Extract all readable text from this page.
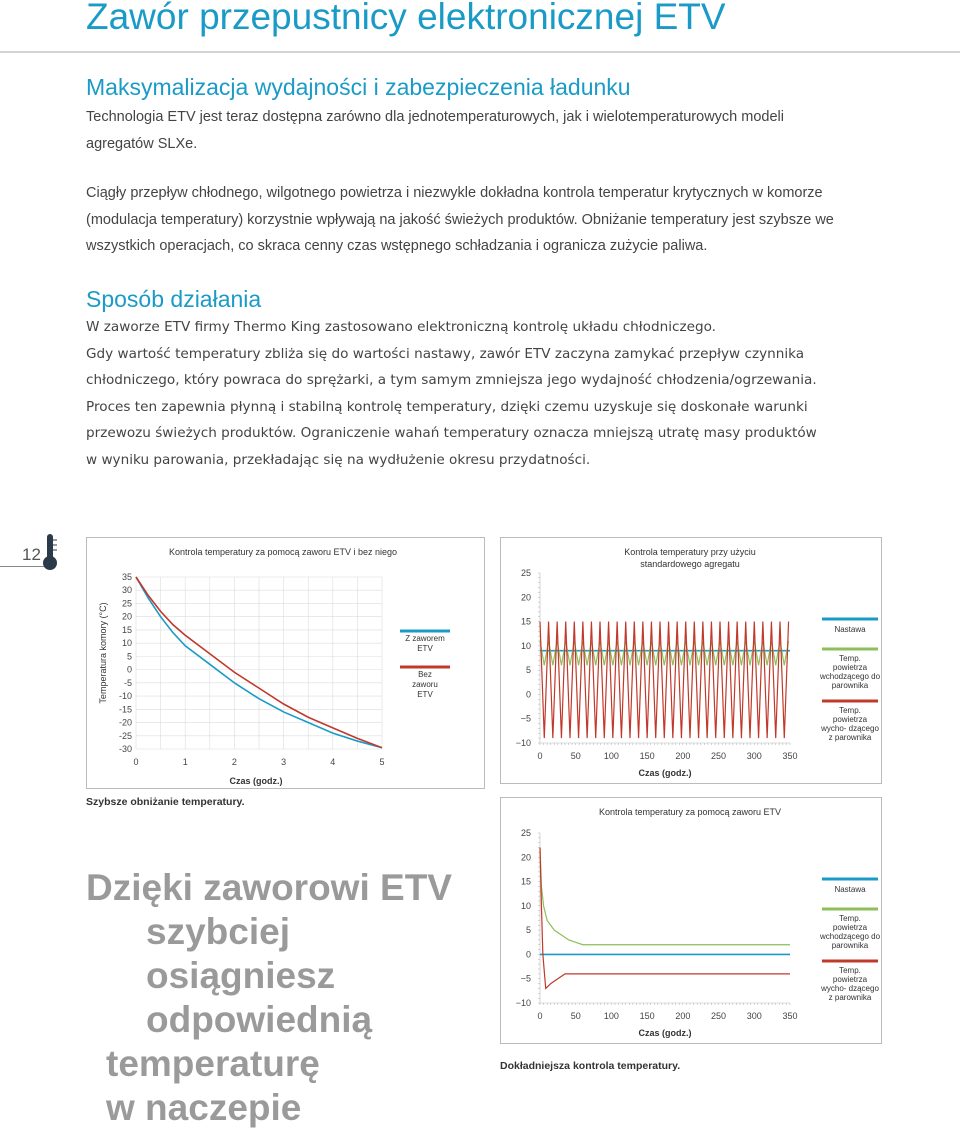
Zawór przepustnicy elektronicznej ETV
Maksymalizacja wydajności i zabezpieczenia ładunku
Technologia ETV jest teraz dostępna zarówno dla jednotemperaturowych, jak i wielotemperaturowych modeli
agregatów SLXe.
Ciągły przepływ chłodnego, wilgotnego powietrza i niezwykle dokładna kontrola temperatur krytycznych w komorze
(modulacja temperatury) korzystnie wpływają na jakość świeżych produktów. Obniżanie temperatury jest szybsze we
wszystkich operacjach, co skraca cenny czas wstępnego schładzania i ogranicza zużycie paliwa.
Sposób działania
W zaworze ETV firmy Thermo King zastosowano elektroniczną kontrolę układu chłodniczego.
Gdy wartość temperatury zbliża się do wartości nastawy, zawór ETV zaczyna zamykać przepływ czynnika
chłodniczego, który powraca do sprężarki, a tym samym zmniejsza jego wydajność chłodzenia/ogrzewania.
Proces ten zapewnia płynną i stabilną kontrolę temperatury, dzięki czemu uzyskuje się doskonałe warunki
przewozu świeżych produktów. Ograniczenie wahań temperatury oznacza mniejszą utratę masy produktów
w wyniku parowania, przekładając się na wydłużenie okresu przydatności.
12	Kontrola temperatury za pomocą zaworu ETV i bez niego
35
30
25
20
15
10
5
0
-5
-10
-15
-20
-25
-30
0	1	2	3	4	5
Czas (godz.)
Temperatura komory (°C)	Z zaworem
ETV
Bez
zaworu
ETV
Szybsze obniżanie temperatury.
Kontrola temperatury przy użyciu
standardowego agregatu
25
20
15
10
5
0
−5
−10
0	50	100 150 200 250 300 350
Czas (godz.)
Nastawa
Temp.
powietrza
wchodzącego do
parownika
Temp.
powietrza
wycho- dzącego
z parownika
Kontrola temperatury za pomocą zaworu ETV
25
20
15
10
5
0
−5
−10
0	50	100 150 200 250 300 350
Czas (godz.)
Nastawa
Temp.
powietrza
wchodzącego do
parownika
Temp.
powietrza
wycho- dzącego
z parownika
Dokładniejsza kontrola temperatury.
Dzięki zaworowi ETV
szybciej
osiągniesz
odpowiednią
temperaturę
w naczepie
